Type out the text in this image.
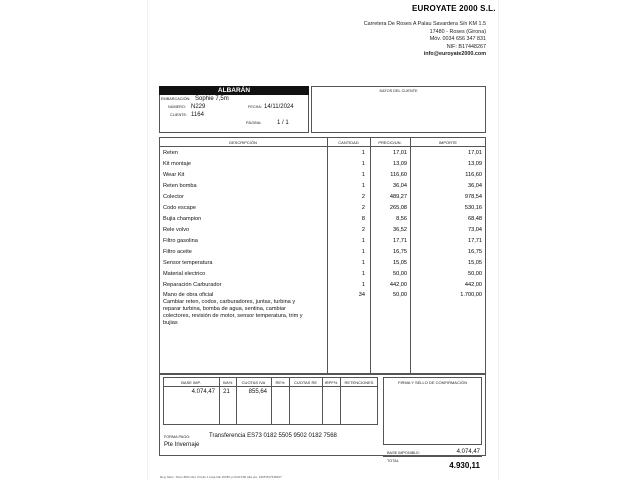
EUROYATE 2000 S.L.
Carretera De Roses A Palau Savardera S/n KM 1.5
17480 - Roses (Girona)
Móv. 0034 656 347 831
NIF: B17448267
info@euroyate2000.com
ALBARÁN
EMBARCACIÓN: Sophie 7,5m
NÚMERO: N229	FECHA: 14/11/2024
CLIENTE: 1164
PÁGINA:	1 / 1
DATOS DEL CLIENTE
DESCRIPCIÓN	CANTIDAD	PRECIO/UN.	IMPORTE
Reten	1	17,01	17,01
Kit montaje	1	13,09	13,09
Wear Kit	1	116,60	116,60
Reten bomba	1	36,04	36,04
Colector	2	489,27	978,54
Codo escape	2	265,08	530,16
Bujia champion	8	8,56	68,48
Rele volvo	2	36,52	73,04
Filtro gasolina	1	17,71	17,71
Filtro aceite	1	16,75	16,75
Sensor temperatura	1	15,05	15,05
Material electrico	1	50,00	50,00
Reparación Carburador	1	442,00	442,00
Mano de obra oficial
Cambiar reten, codos, carburadores, juntas, turbina y
reparar turbina, bomba de agua, sentina, cambiar
colectores, revisión de motor, sensor temperatura, trim y
bujias
34	50,00	1.700,00
BASE IMP.	IVA%	CUOTAS IVA	RE%	CUOTAS RE	IRPF%	RETENCIONES
4.074,47	21	855,64
FIRMA Y SELLO DE CONFIRMACIÓN
FORMA PAGO:	Transferencia ES73 0182 5505 9502 0182 7568
Pte Invernaje
BASE IMPONIBLE:	4.074,47
TOTAL	4.930,11
Reg. Merc. Tomo 809 Libro 0 Folio 1 Hoja GE 15789 y/i 01/07/00 Alta pre. 1995 B17448267
